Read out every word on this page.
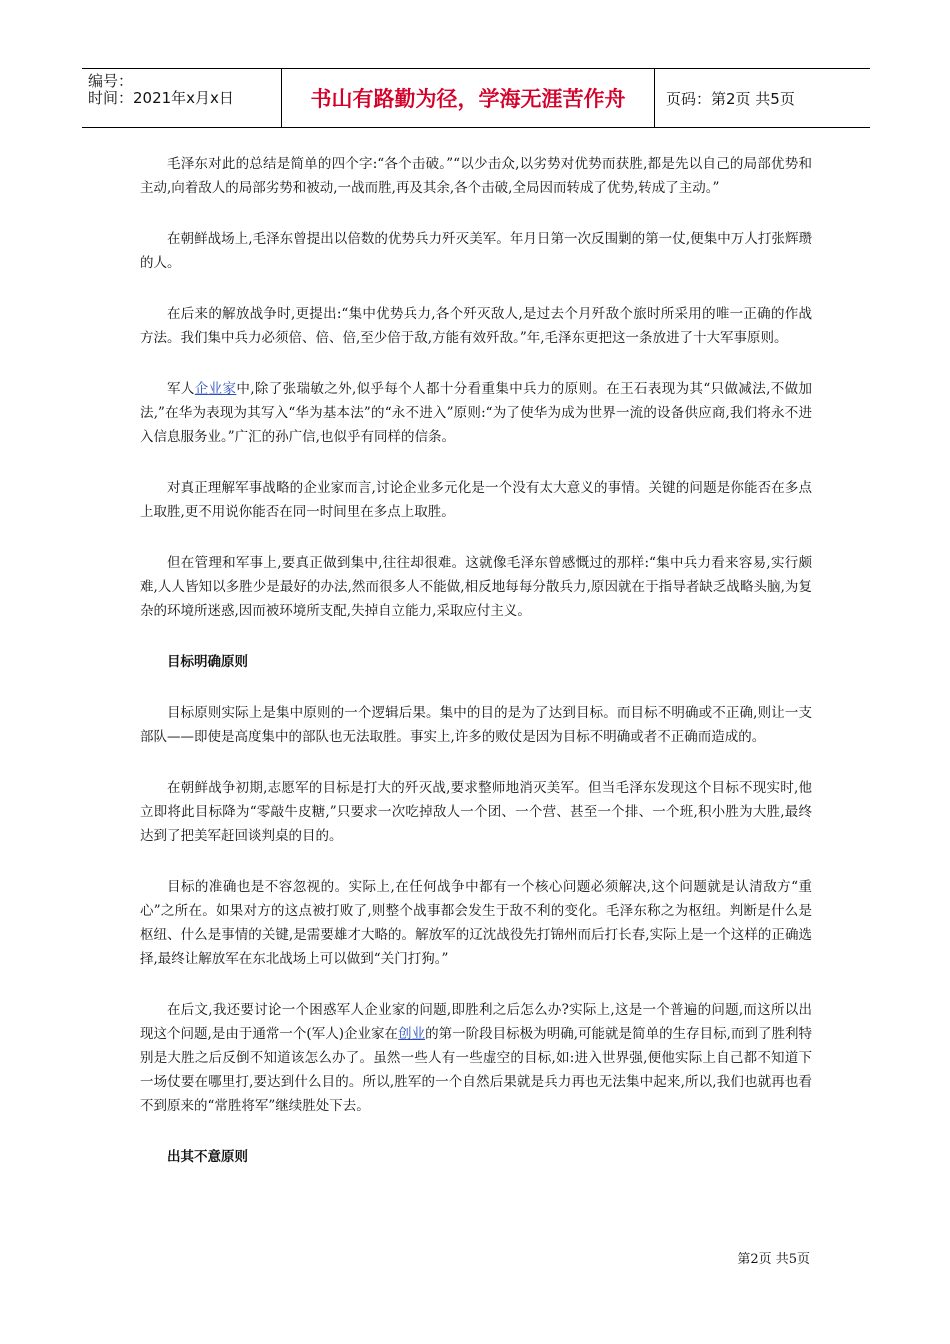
编号：
时间：2021年x月x日	书山有路勤为径，学海无涯苦作舟	页码：第2页 共5页

毛泽东对此的总结是简单的四个字:“各个击破。”“以少击众,以劣势对优势而获胜,都是先以自己的局部优势和主动,向着敌人的局部劣势和被动,一战而胜,再及其余,各个击破,全局因而转成了优势,转成了主动。”

在朝鲜战场上,毛泽东曾提出以倍数的优势兵力歼灭美军。年月日第一次反围剿的第一仗,便集中万人打张辉瓒的人。

在后来的解放战争时,更提出:“集中优势兵力,各个歼灭敌人,是过去个月歼敌个旅时所采用的唯一正确的作战方法。我们集中兵力必须倍、倍、倍,至少倍于敌,方能有效歼敌。”年,毛泽东更把这一条放进了十大军事原则。

军人企业家中,除了张瑞敏之外,似乎每个人都十分看重集中兵力的原则。在王石表现为其“只做减法,不做加法,”在华为表现为其写入“华为基本法”的“永不进入”原则:“为了使华为成为世界一流的设备供应商,我们将永不进入信息服务业。”广汇的孙广信,也似乎有同样的信条。

对真正理解军事战略的企业家而言,讨论企业多元化是一个没有太大意义的事情。关键的问题是你能否在多点上取胜,更不用说你能否在同一时间里在多点上取胜。

但在管理和军事上,要真正做到集中,往往却很难。这就像毛泽东曾感慨过的那样:“集中兵力看来容易,实行颇难,人人皆知以多胜少是最好的办法,然而很多人不能做,相反地每每分散兵力,原因就在于指导者缺乏战略头脑,为复杂的环境所迷惑,因而被环境所支配,失掉自立能力,采取应付主义。

目标明确原则

目标原则实际上是集中原则的一个逻辑后果。集中的目的是为了达到目标。而目标不明确或不正确,则让一支部队——即使是高度集中的部队也无法取胜。事实上,许多的败仗是因为目标不明确或者不正确而造成的。

在朝鲜战争初期,志愿军的目标是打大的歼灭战,要求整师地消灭美军。但当毛泽东发现这个目标不现实时,他立即将此目标降为“零敲牛皮糖,”只要求一次吃掉敌人一个团、一个营、甚至一个排、一个班,积小胜为大胜,最终达到了把美军赶回谈判桌的目的。

目标的准确也是不容忽视的。实际上,在任何战争中都有一个核心问题必须解决,这个问题就是认清敌方“重心”之所在。如果对方的这点被打败了,则整个战事都会发生于敌不利的变化。毛泽东称之为枢纽。判断是什么是枢纽、什么是事情的关键,是需要雄才大略的。解放军的辽沈战役先打锦州而后打长春,实际上是一个这样的正确选择,最终让解放军在东北战场上可以做到“关门打狗。”

在后文,我还要讨论一个困惑军人企业家的问题,即胜利之后怎么办?实际上,这是一个普遍的问题,而这所以出现这个问题,是由于通常一个(军人)企业家在创业的第一阶段目标极为明确,可能就是简单的生存目标,而到了胜利特别是大胜之后反倒不知道该怎么办了。虽然一些人有一些虚空的目标,如:进入世界强,便他实际上自己都不知道下一场仗要在哪里打,要达到什么目的。所以,胜军的一个自然后果就是兵力再也无法集中起来,所以,我们也就再也看不到原来的“常胜将军”继续胜处下去。

出其不意原则
第2页 共5页
